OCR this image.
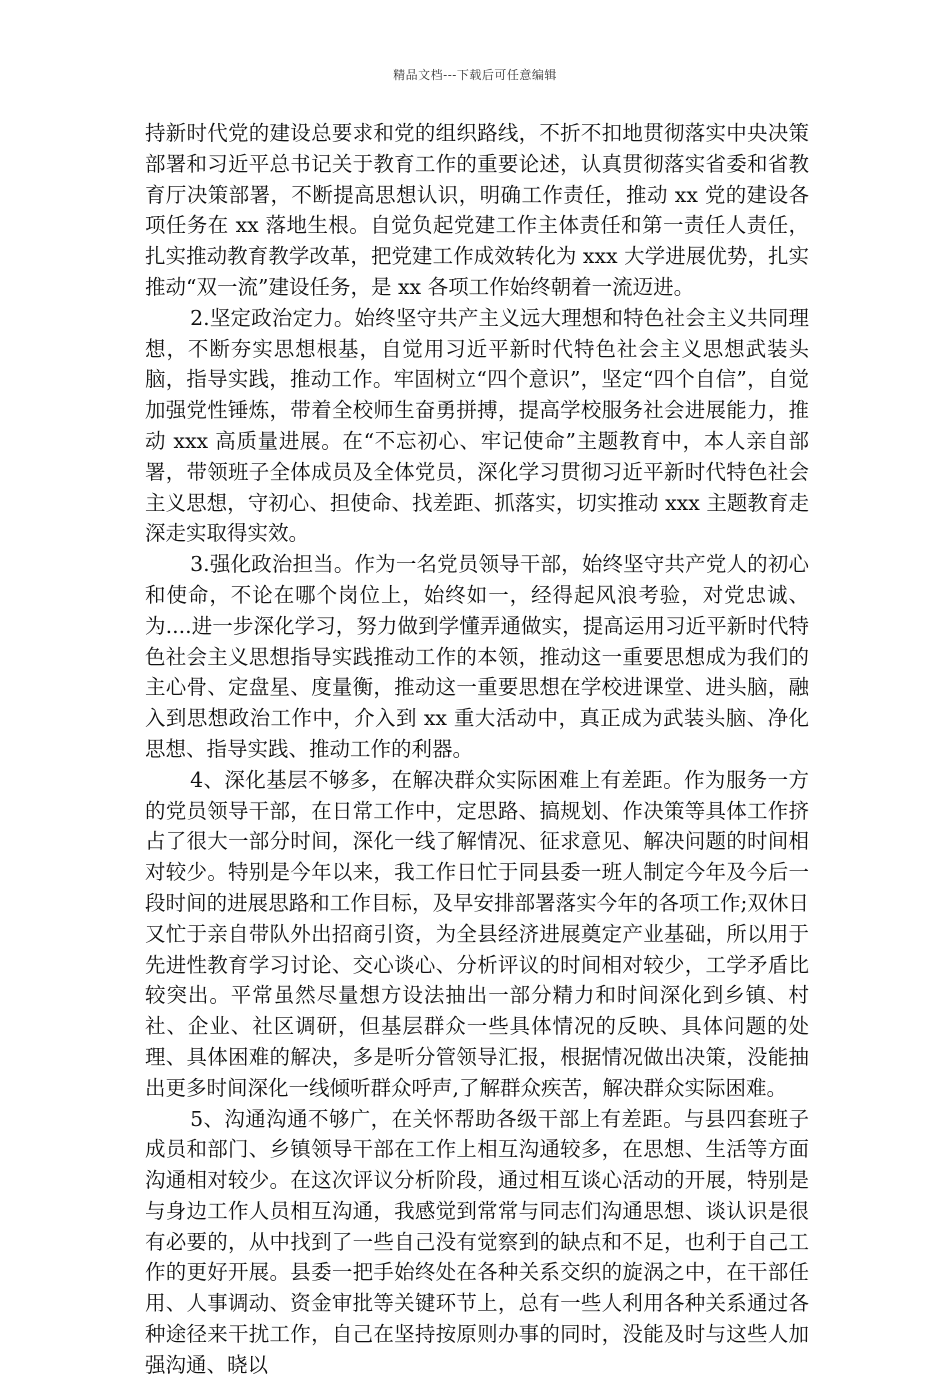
精品文档---下载后可任意编辑

持新时代党的建设总要求和党的组织路线，不折不扣地贯彻落实中央决策部署和习近平总书记关于教育工作的重要论述，认真贯彻落实省委和省教育厅决策部署，不断提高思想认识，明确工作责任，推动 xx 党的建设各项任务在 xx 落地生根。自觉负起党建工作主体责任和第一责任人责任，扎实推动教育教学改革，把党建工作成效转化为 xxx 大学进展优势，扎实推动“双一流”建设任务，是 xx 各项工作始终朝着一流迈进。

2.坚定政治定力。始终坚守共产主义远大理想和特色社会主义共同理想，不断夯实思想根基，自觉用习近平新时代特色社会主义思想武装头脑，指导实践，推动工作。牢固树立“四个意识”，坚定“四个自信”，自觉加强党性锤炼，带着全校师生奋勇拼搏，提高学校服务社会进展能力，推动 xxx 高质量进展。在“不忘初心、牢记使命”主题教育中，本人亲自部署，带领班子全体成员及全体党员，深化学习贯彻习近平新时代特色社会主义思想，守初心、担使命、找差距、抓落实，切实推动 xxx 主题教育走深走实取得实效。

3.强化政治担当。作为一名党员领导干部，始终坚守共产党人的初心和使命，不论在哪个岗位上，始终如一，经得起风浪考验，对党忠诚、为....进一步深化学习，努力做到学懂弄通做实，提高运用习近平新时代特色社会主义思想指导实践推动工作的本领，推动这一重要思想成为我们的主心骨、定盘星、度量衡，推动这一重要思想在学校进课堂、进头脑，融入到思想政治工作中，介入到 xx 重大活动中，真正成为武装头脑、净化思想、指导实践、推动工作的利器。

4、深化基层不够多，在解决群众实际困难上有差距。作为服务一方的党员领导干部，在日常工作中，定思路、搞规划、作决策等具体工作挤占了很大一部分时间，深化一线了解情况、征求意见、解决问题的时间相对较少。特别是今年以来，我工作日忙于同县委一班人制定今年及今后一段时间的进展思路和工作目标，及早安排部署落实今年的各项工作;双休日又忙于亲自带队外出招商引资，为全县经济进展奠定产业基础，所以用于先进性教育学习讨论、交心谈心、分析评议的时间相对较少，工学矛盾比较突出。平常虽然尽量想方设法抽出一部分精力和时间深化到乡镇、村社、企业、社区调研，但基层群众一些具体情况的反映、具体问题的处理、具体困难的解决，多是听分管领导汇报，根据情况做出决策，没能抽出更多时间深化一线倾听群众呼声,了解群众疾苦，解决群众实际困难。

5、沟通沟通不够广，在关怀帮助各级干部上有差距。与县四套班子成员和部门、乡镇领导干部在工作上相互沟通较多，在思想、生活等方面沟通相对较少。在这次评议分析阶段，通过相互谈心活动的开展，特别是与身边工作人员相互沟通，我感觉到常常与同志们沟通思想、谈认识是很有必要的，从中找到了一些自己没有觉察到的缺点和不足，也利于自己工作的更好开展。县委一把手始终处在各种关系交织的旋涡之中，在干部任用、人事调动、资金审批等关键环节上，总有一些人利用各种关系通过各种途径来干扰工作，自己在坚持按原则办事的同时，没能及时与这些人加强沟通、晓以
